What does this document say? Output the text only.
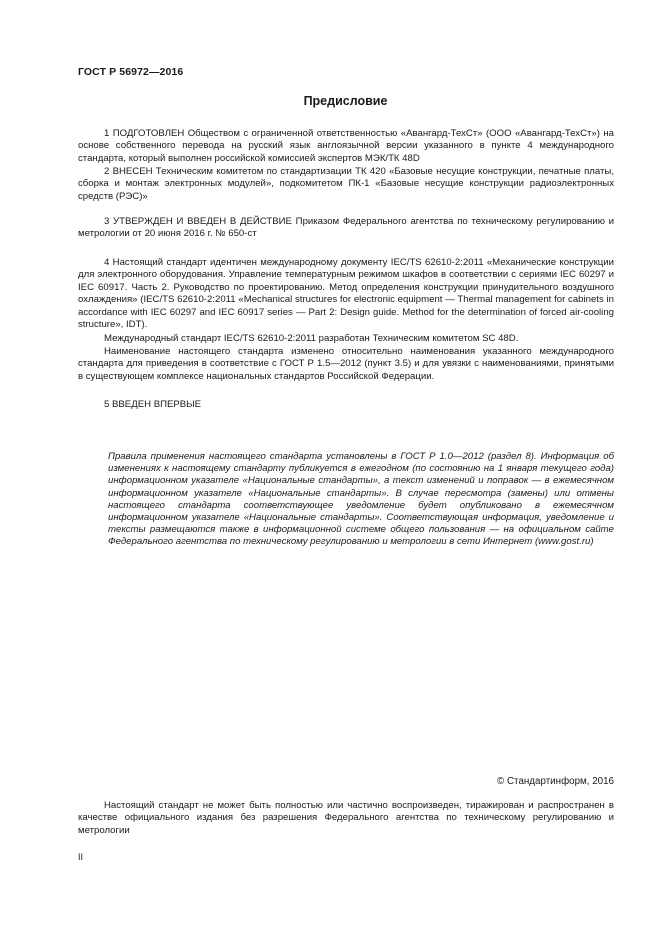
ГОСТ Р 56972—2016
Предисловие

1 ПОДГОТОВЛЕН Обществом с ограниченной ответственностью «Авангард-ТехСт» (ООО «Авангард-ТехСт») на основе собственного перевода на русский язык англоязычной версии указанного в пункте 4 международного стандарта, который выполнен российской комиссией экспертов МЭК/ТК 48D

2 ВНЕСЕН Техническим комитетом по стандартизации ТК 420 «Базовые несущие конструкции, печатные платы, сборка и монтаж электронных модулей», подкомитетом ПК-1 «Базовые несущие конструкции радиоэлектронных средств (РЭС)»

3 УТВЕРЖДЕН И ВВЕДЕН В ДЕЙСТВИЕ Приказом Федерального агентства по техническому регулированию и метрологии от 20 июня 2016 г. № 650-ст

4 Настоящий стандарт идентичен международному документу IEC/TS 62610-2:2011 «Механические конструкции для электронного оборудования. Управление температурным режимом шкафов в соответствии с сериями IEC 60297 и IEC 60917. Часть 2. Руководство по проектированию. Метод определения конструкции принудительного воздушного охлаждения» (IEC/TS 62610-2:2011 «Mechanical structures for electronic equipment — Thermal management for cabinets in accordance with IEC 60297 and IEC 60917 series — Part 2: Design guide. Method for the determination of forced air-cooling structure», IDT).

Международный стандарт IEC/TS 62610-2:2011 разработан Техническим комитетом SC 48D.

Наименование настоящего стандарта изменено относительно наименования указанного международного стандарта для приведения в соответствие с ГОСТ Р 1.5—2012 (пункт 3.5) и для увязки с наименованиями, принятыми в существующем комплексе национальных стандартов Российской Федерации.

5 ВВЕДЕН ВПЕРВЫЕ

Правила применения настоящего стандарта установлены в ГОСТ Р 1.0—2012 (раздел 8). Информация об изменениях к настоящему стандарту публикуется в ежегодном (по состоянию на 1 января текущего года) информационном указателе «Национальные стандарты», а текст изменений и поправок — в ежемесячном информационном указателе «Национальные стандарты». В случае пересмотра (замены) или отмены настоящего стандарта соответствующее уведомление будет опубликовано в ежемесячном информационном указателе «Национальные стандарты». Соответствующая информация, уведомление и тексты размещаются также в информационной системе общего пользования — на официальном сайте Федерального агентства по техническому регулированию и метрологии в сети Интернет (www.gost.ru)

© Стандартинформ, 2016

Настоящий стандарт не может быть полностью или частично воспроизведен, тиражирован и распространен в качестве официального издания без разрешения Федерального агентства по техническому регулированию и метрологии

II
